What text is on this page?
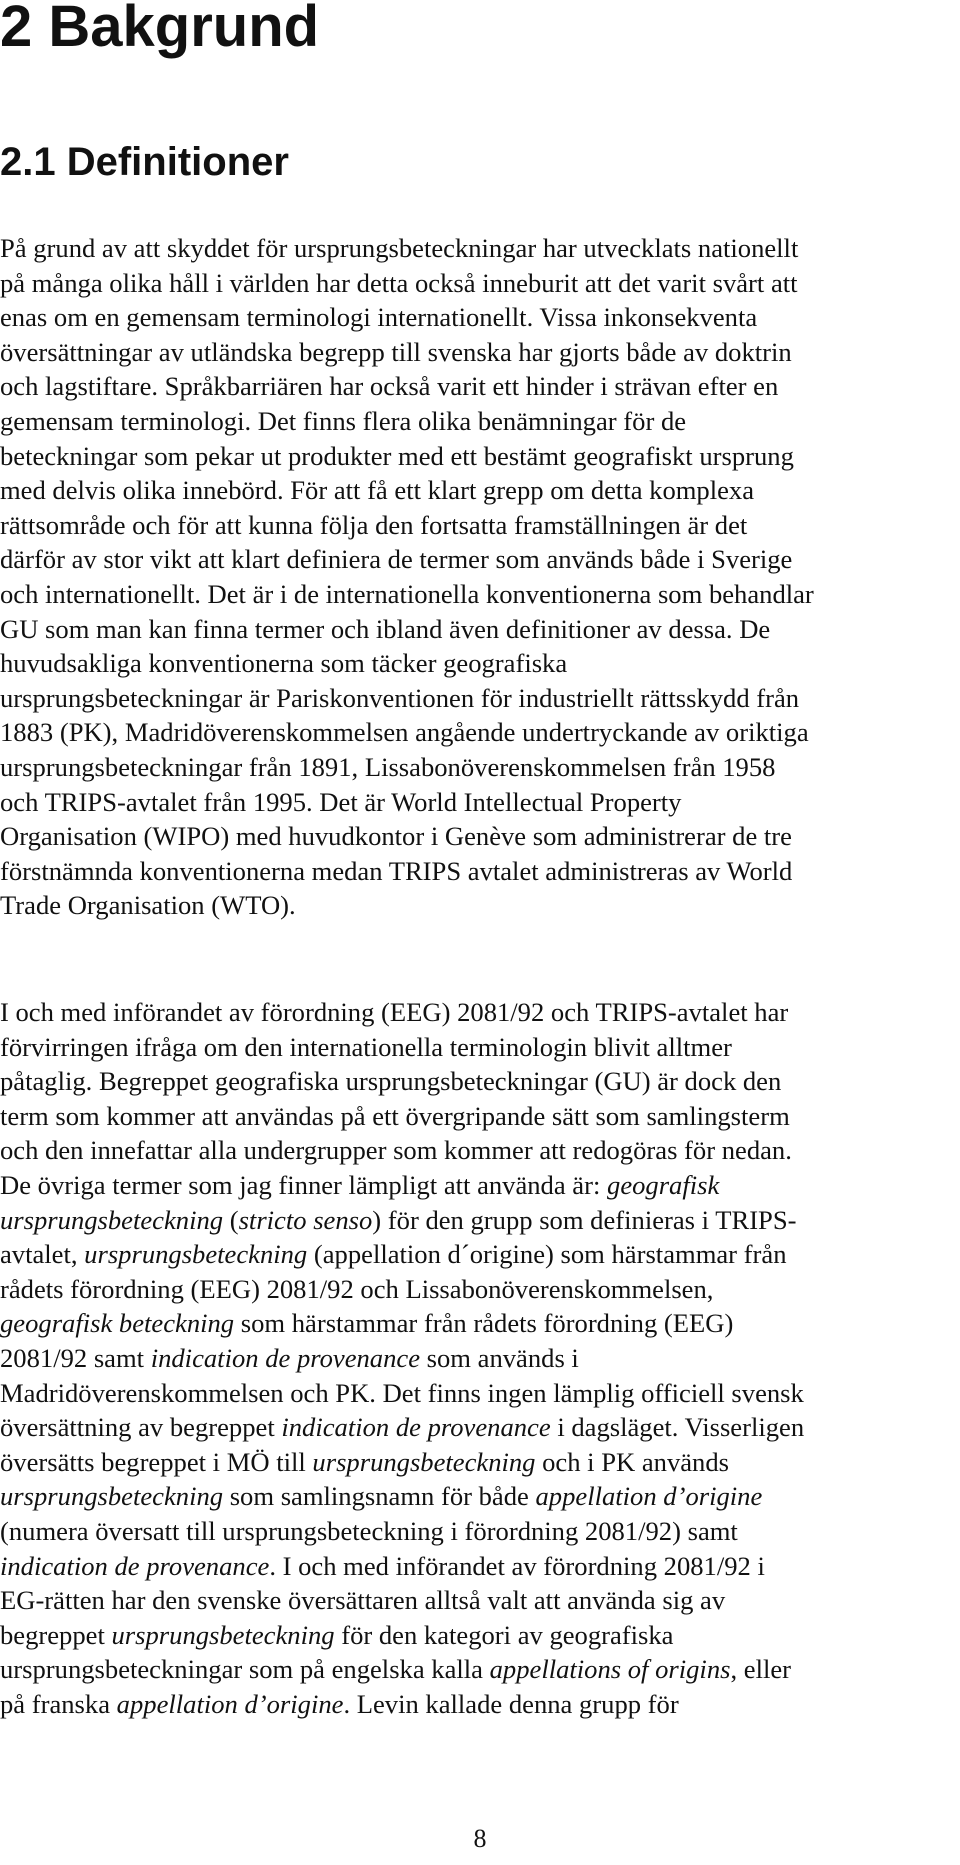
2 Bakgrund
2.1 Definitioner
På grund av att skyddet för ursprungsbeteckningar har utvecklats nationellt
på många olika håll i världen har detta också inneburit att det varit svårt att
enas om en gemensam terminologi internationellt. Vissa inkonsekventa
översättningar av utländska begrepp till svenska har gjorts både av doktrin
och lagstiftare. Språkbarriären har också varit ett hinder i strävan efter en
gemensam terminologi. Det finns flera olika benämningar för de
beteckningar som pekar ut produkter med ett bestämt geografiskt ursprung
med delvis olika innebörd. För att få ett klart grepp om detta komplexa
rättsområde och för att kunna följa den fortsatta framställningen är det
därför av stor vikt att klart definiera de termer som används både i Sverige
och internationellt. Det är i de internationella konventionerna som behandlar
GU som man kan finna termer och ibland även definitioner av dessa. De
huvudsakliga konventionerna som täcker geografiska
ursprungsbeteckningar är Pariskonventionen för industriellt rättsskydd från
1883 (PK), Madridöverenskommelsen angående undertryckande av oriktiga
ursprungsbeteckningar från 1891, Lissabonöverenskommelsen från 1958
och TRIPS-avtalet från 1995. Det är World Intellectual Property
Organisation (WIPO) med huvudkontor i Genève som administrerar de tre
förstnämnda konventionerna medan TRIPS avtalet administreras av World
Trade Organisation (WTO).
I och med införandet av förordning (EEG) 2081/92 och TRIPS-avtalet har
förvirringen ifråga om den internationella terminologin blivit alltmer
påtaglig. Begreppet geografiska ursprungsbeteckningar (GU) är dock den
term som kommer att användas på ett övergripande sätt som samlingsterm
och den innefattar alla undergrupper som kommer att redogöras för nedan.
De övriga termer som jag finner lämpligt att använda är: geografisk
ursprungsbeteckning (stricto senso) för den grupp som definieras i TRIPS-
avtalet, ursprungsbeteckning (appellation d´origine) som härstammar från
rådets förordning (EEG) 2081/92 och Lissabonöverenskommelsen,
geografisk beteckning som härstammar från rådets förordning (EEG)
2081/92 samt indication de provenance som används i
Madridöverenskommelsen och PK. Det finns ingen lämplig officiell svensk
översättning av begreppet indication de provenance i dagsläget. Visserligen
översätts begreppet i MÖ till ursprungsbeteckning och i PK används
ursprungsbeteckning som samlingsnamn för både appellation d’origine
(numera översatt till ursprungsbeteckning i förordning 2081/92) samt
indication de provenance. I och med införandet av förordning 2081/92 i
EG-rätten har den svenske översättaren alltså valt att använda sig av
begreppet ursprungsbeteckning för den kategori av geografiska
ursprungsbeteckningar som på engelska kalla appellations of origins, eller
på franska appellation d’origine. Levin kallade denna grupp för
8
